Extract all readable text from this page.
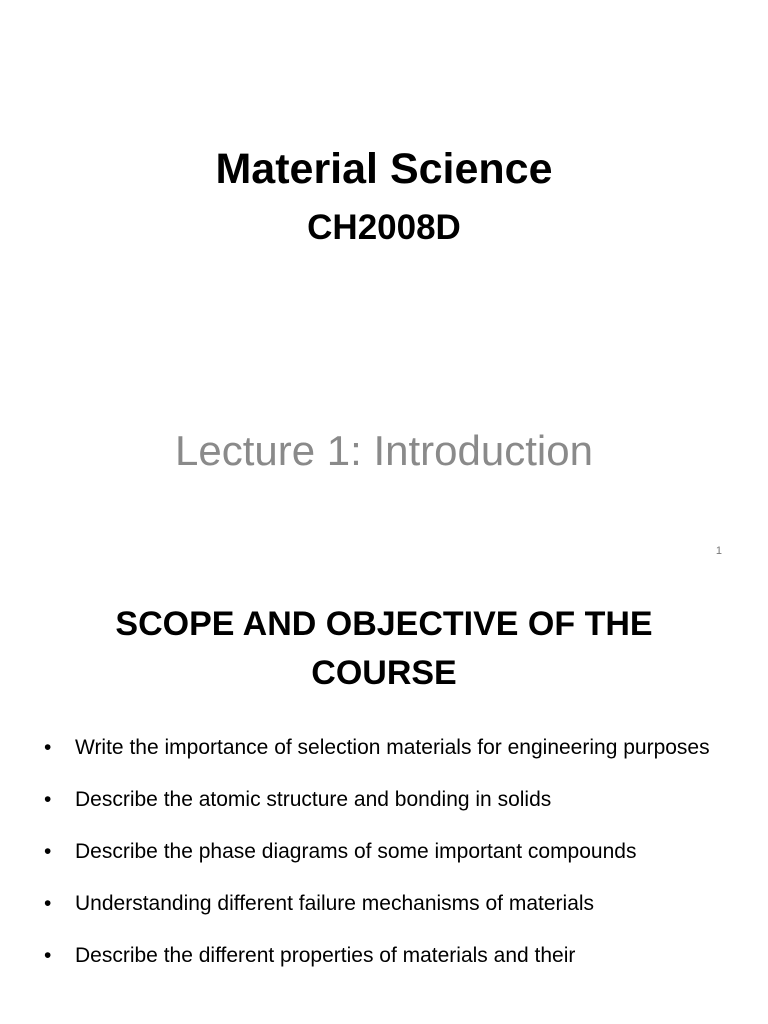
Material Science
CH2008D
Lecture 1: Introduction
1
SCOPE AND OBJECTIVE OF THE COURSE
• Write the importance of selection materials for engineering purposes
• Describe the atomic structure and bonding in solids
• Describe the phase diagrams of some important compounds
• Understanding different failure mechanisms of materials
• Describe the different properties of materials and their
